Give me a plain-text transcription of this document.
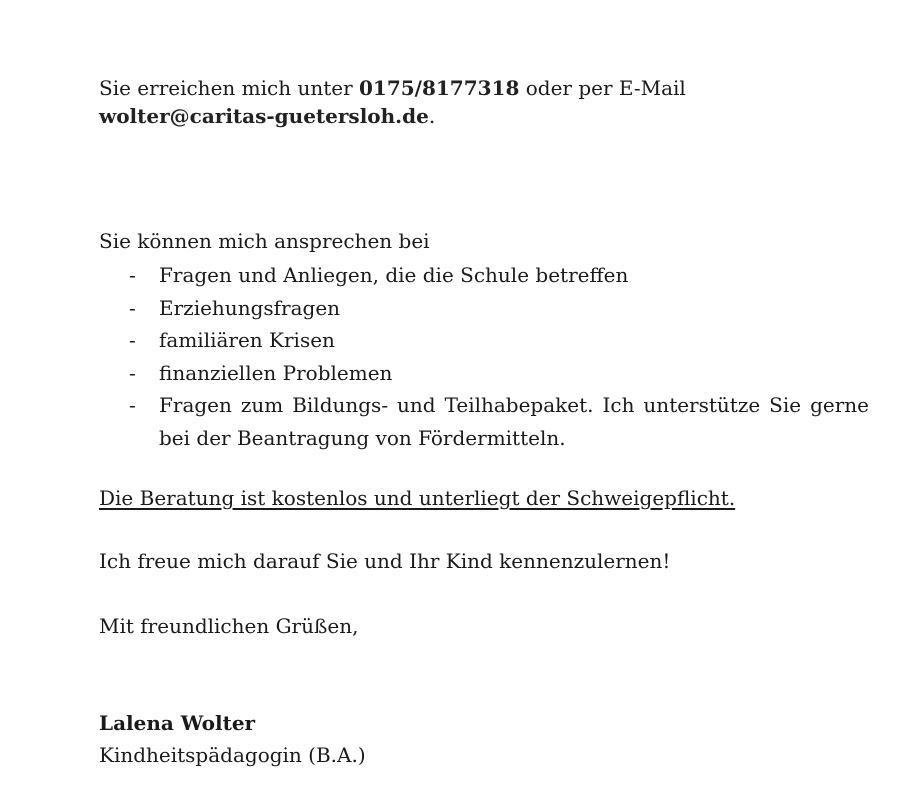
Sie erreichen mich unter 0175/8177318 oder per E-Mail
wolter@caritas-guetersloh.de.
Sie können mich ansprechen bei
- Fragen und Anliegen, die die Schule betreffen
- Erziehungsfragen
- familiären Krisen
- finanziellen Problemen
- Fragen zum Bildungs- und Teilhabepaket. Ich unterstütze Sie gerne bei der Beantragung von Fördermitteln.
Die Beratung ist kostenlos und unterliegt der Schweigepflicht.
Ich freue mich darauf Sie und Ihr Kind kennenzulernen!
Mit freundlichen Grüßen,
Lalena Wolter
Kindheitspädagogin (B.A.)
